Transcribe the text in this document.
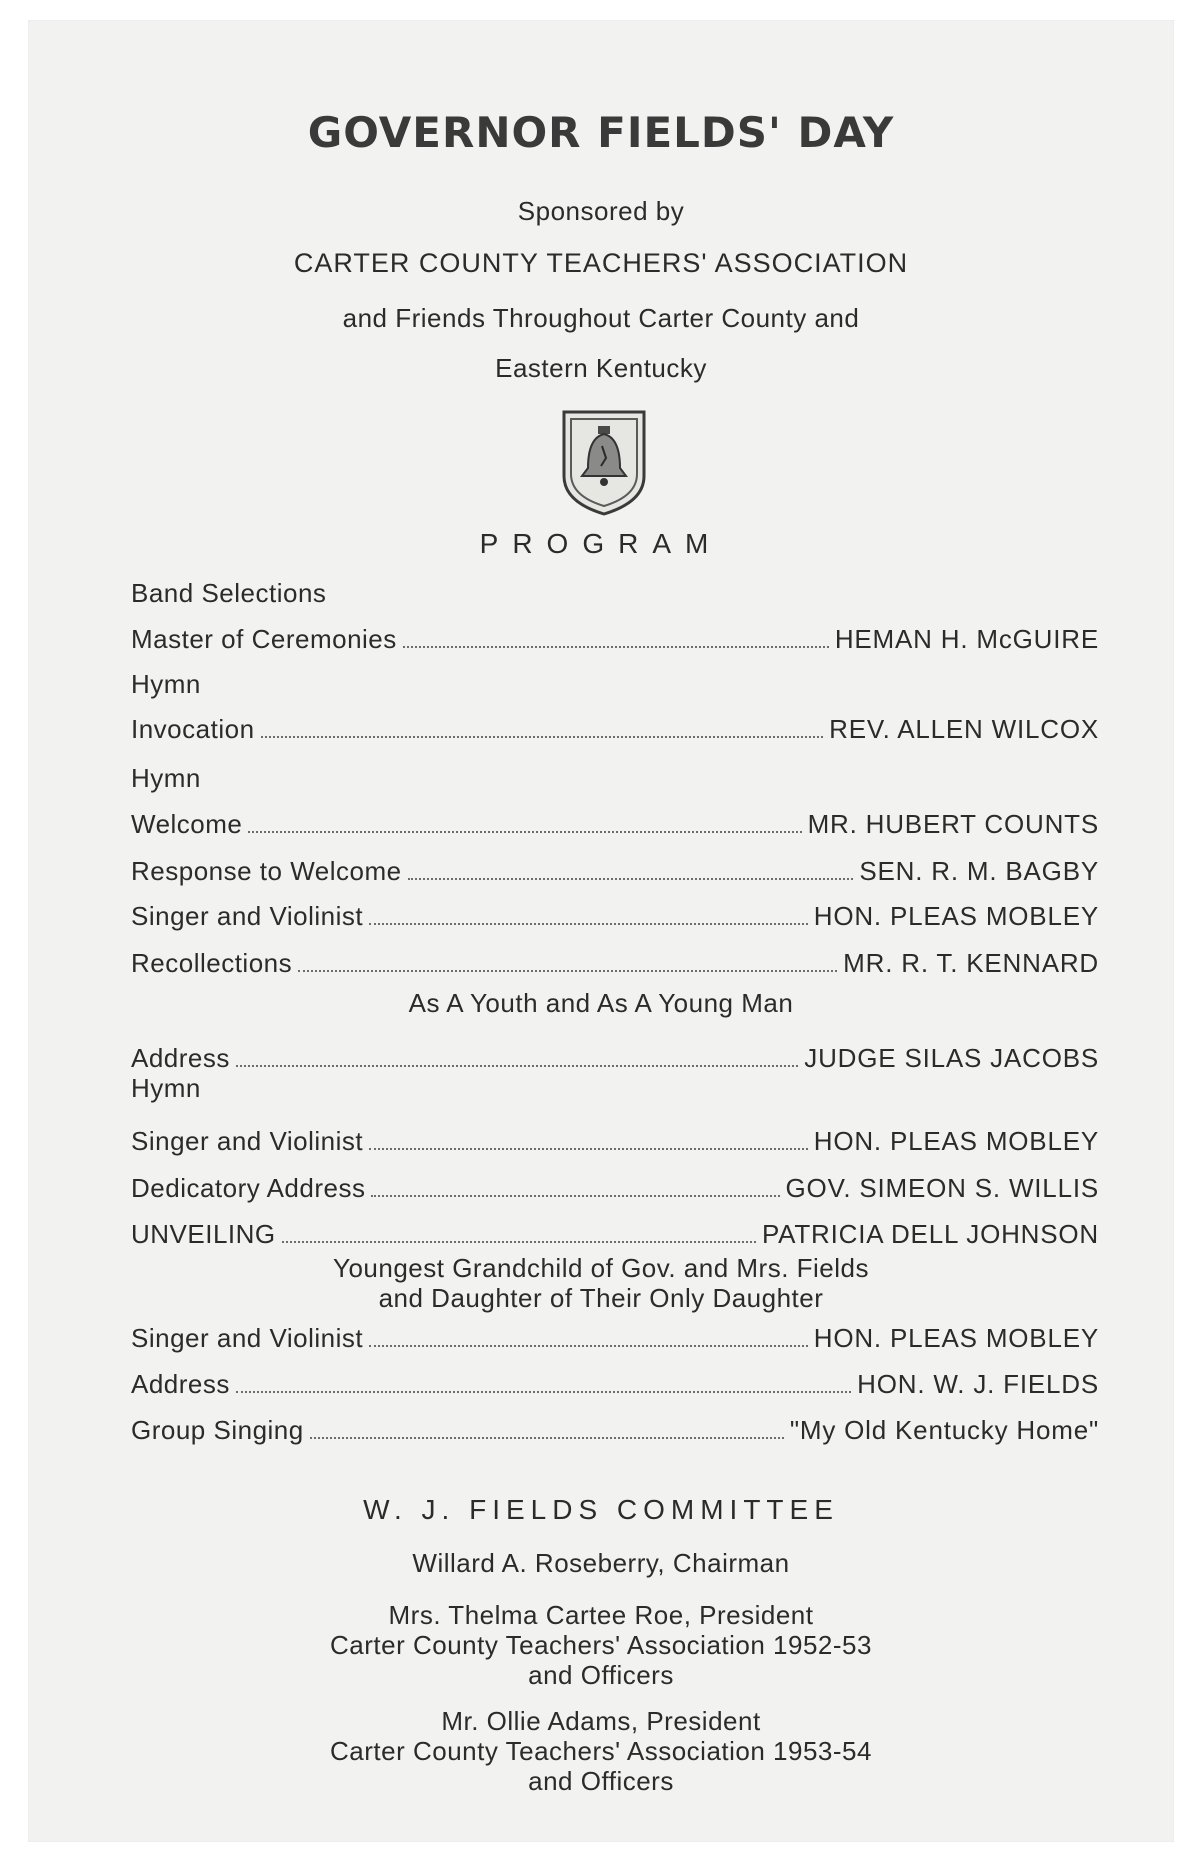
GOVERNOR FIELDS' DAY
Sponsored by
CARTER COUNTY TEACHERS' ASSOCIATION
and Friends Throughout Carter County and
Eastern Kentucky
PROGRAM
Band Selections
Master of Ceremonies	HEMAN H. McGUIRE
Hymn
Invocation	REV. ALLEN WILCOX
Hymn
Welcome	MR. HUBERT COUNTS
Response to Welcome	SEN. R. M. BAGBY
Singer and Violinist	HON. PLEAS MOBLEY
Recollections	MR. R. T. KENNARD
As A Youth and As A Young Man
Address	JUDGE SILAS JACOBS
Hymn
Singer and Violinist	HON. PLEAS MOBLEY
Dedicatory Address	GOV. SIMEON S. WILLIS
UNVEILING	PATRICIA DELL JOHNSON
Youngest Grandchild of Gov. and Mrs. Fields
and Daughter of Their Only Daughter
Singer and Violinist	HON. PLEAS MOBLEY
Address	HON. W. J. FIELDS
Group Singing	"My Old Kentucky Home"
W. J. FIELDS COMMITTEE
Willard A. Roseberry, Chairman
Mrs. Thelma Cartee Roe, President
Carter County Teachers' Association 1952-53
and Officers
Mr. Ollie Adams, President
Carter County Teachers' Association 1953-54
and Officers
